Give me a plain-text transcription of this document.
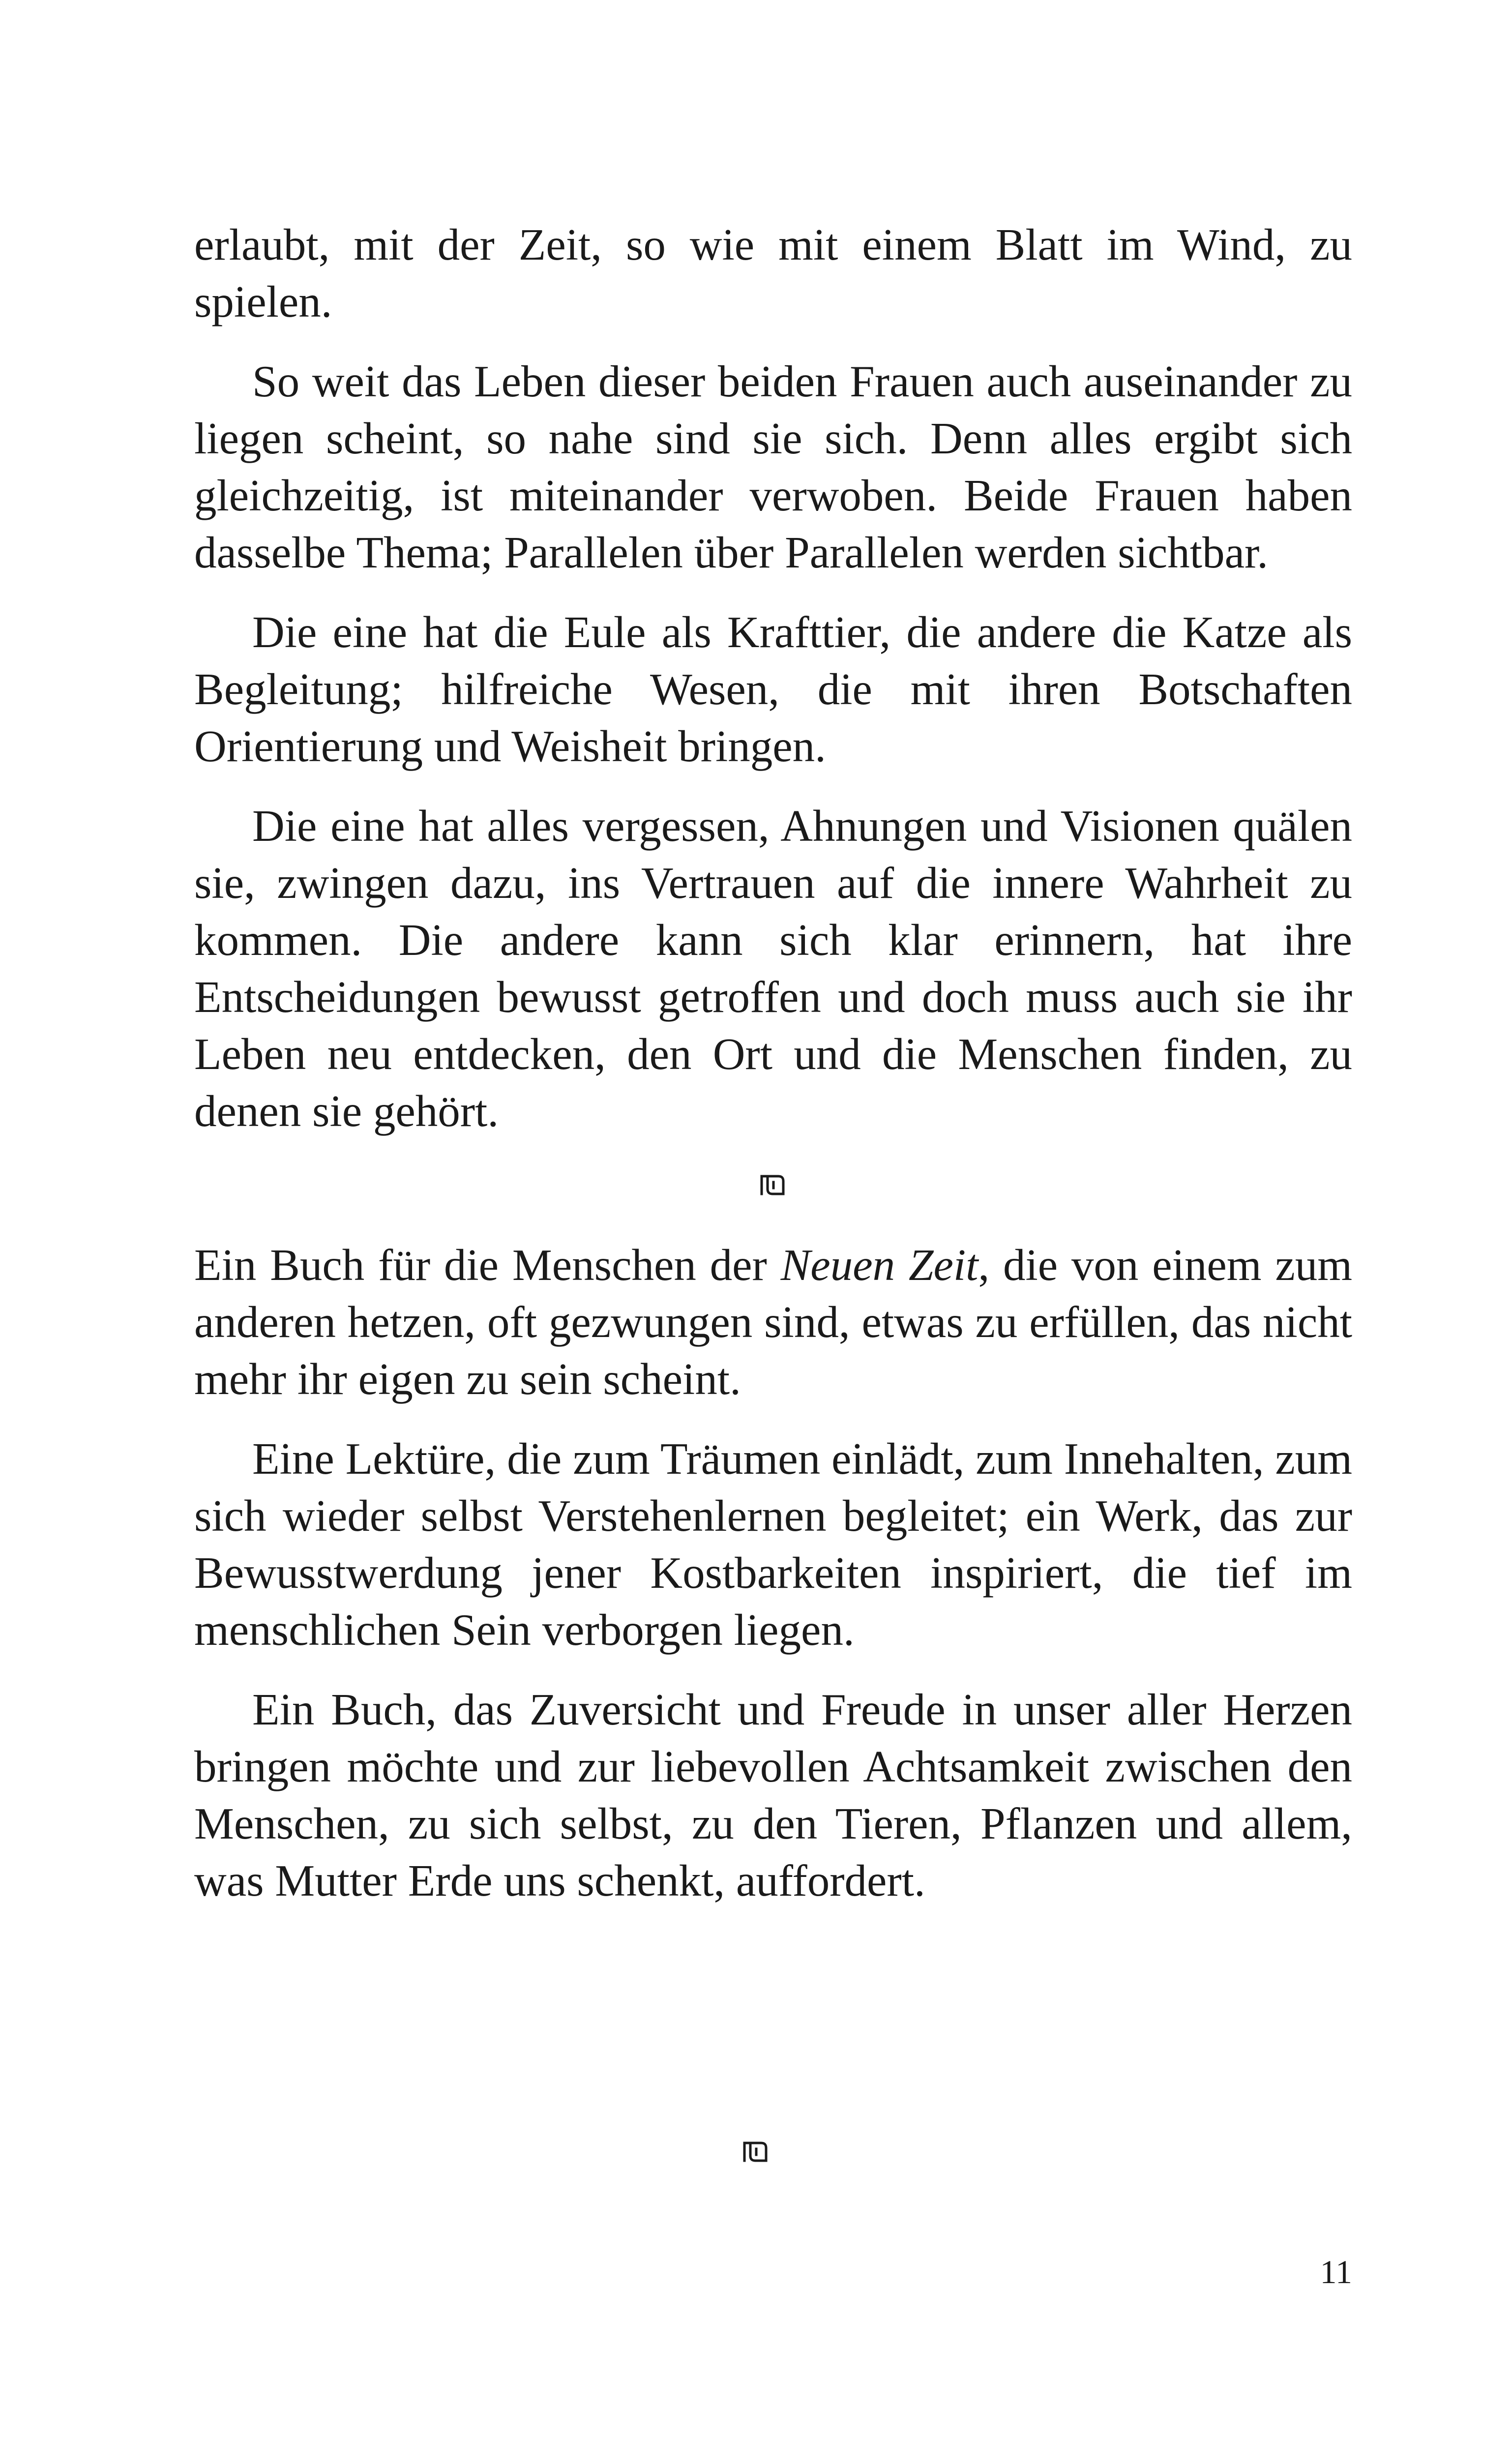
erlaubt, mit der Zeit, so wie mit einem Blatt im Wind, zu spielen.

So weit das Leben dieser beiden Frauen auch auseinander zu liegen scheint, so nahe sind sie sich. Denn alles ergibt sich gleichzeitig, ist miteinander verwoben. Beide Frauen haben dasselbe Thema; Parallelen über Parallelen werden sichtbar.

Die eine hat die Eule als Krafttier, die andere die Katze als Begleitung; hilfreiche Wesen, die mit ihren Botschaften Orientierung und Weisheit bringen.

Die eine hat alles vergessen, Ahnungen und Visionen quälen sie, zwingen dazu, ins Vertrauen auf die innere Wahrheit zu kommen. Die andere kann sich klar erinnern, hat ihre Entscheidungen bewusst getroffen und doch muss auch sie ihr Leben neu entdecken, den Ort und die Menschen finden, zu denen sie gehört.

Ein Buch für die Menschen der Neuen Zeit, die von einem zum anderen hetzen, oft gezwungen sind, etwas zu erfüllen, das nicht mehr ihr eigen zu sein scheint.

Eine Lektüre, die zum Träumen einlädt, zum Innehalten, zum sich wieder selbst Verstehenlernen begleitet; ein Werk, das zur Bewusstwerdung jener Kostbarkeiten inspiriert, die tief im menschlichen Sein verborgen liegen.

Ein Buch, das Zuversicht und Freude in unser aller Herzen bringen möchte und zur liebevollen Achtsamkeit zwischen den Menschen, zu sich selbst, zu den Tieren, Pflanzen und allem, was Mutter Erde uns schenkt, auffordert.

11
